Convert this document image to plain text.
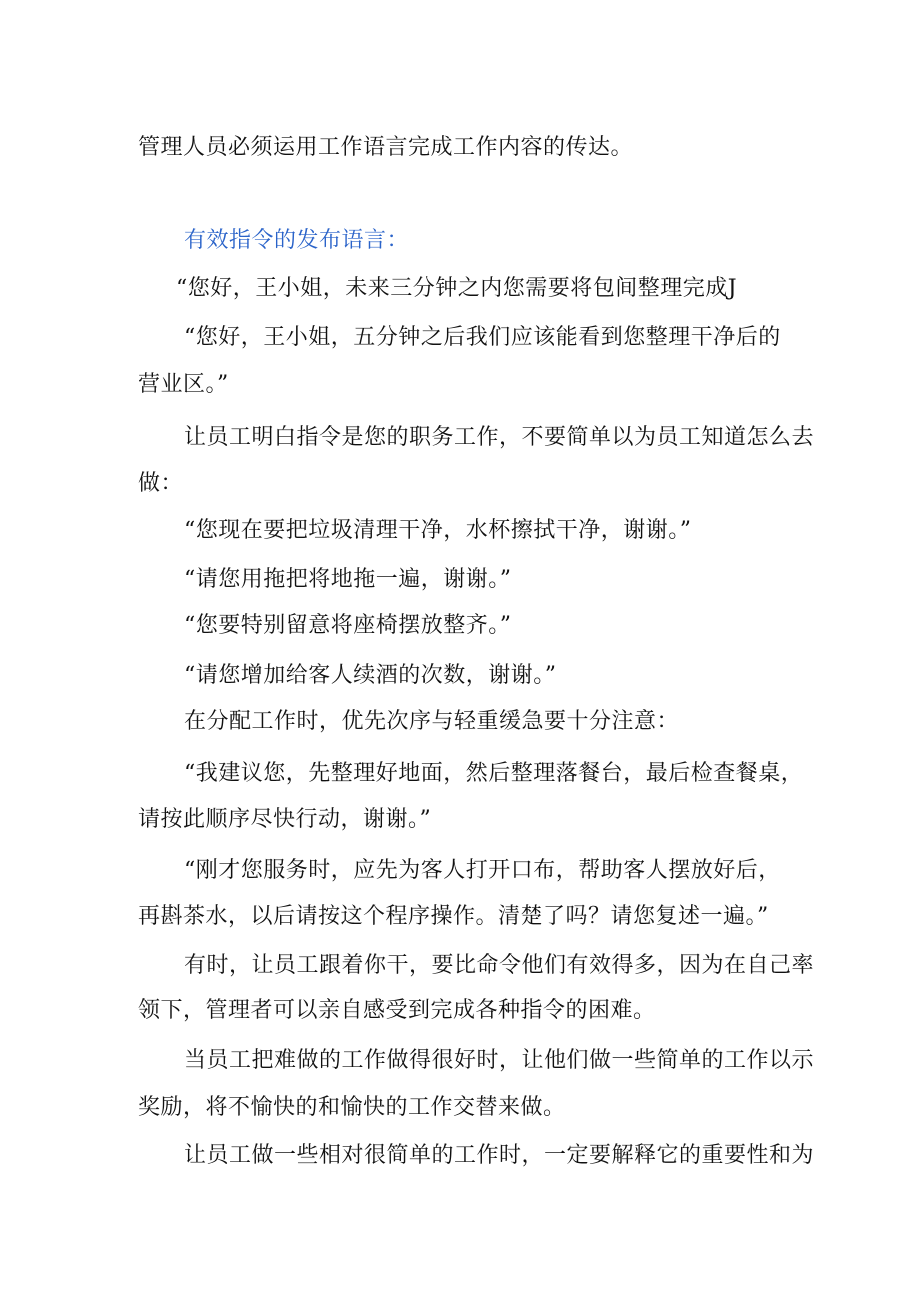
管理人员必须运用工作语言完成工作内容的传达。
有效指令的发布语言：
“您好，王小姐，未来三分钟之内您需要将包间整理完成J
“您好，王小姐，五分钟之后我们应该能看到您整理干净后的
营业区。”
让员工明白指令是您的职务工作，不要简单以为员工知道怎么去
做：
“您现在要把垃圾清理干净，水杯擦拭干净，谢谢。”
“请您用拖把将地拖一遍，谢谢。”
“您要特别留意将座椅摆放整齐。”
“请您增加给客人续酒的次数，谢谢。”
在分配工作时，优先次序与轻重缓急要十分注意：
“我建议您，先整理好地面，然后整理落餐台，最后检查餐桌，
请按此顺序尽快行动，谢谢。”
“刚才您服务时，应先为客人打开口布，帮助客人摆放好后，
再斟茶水，以后请按这个程序操作。清楚了吗？请您复述一遍。”
有时，让员工跟着你干，要比命令他们有效得多，因为在自己率
领下，管理者可以亲自感受到完成各种指令的困难。
当员工把难做的工作做得很好时，让他们做一些简单的工作以示
奖励，将不愉快的和愉快的工作交替来做。
让员工做一些相对很简单的工作时，一定要解释它的重要性和为
